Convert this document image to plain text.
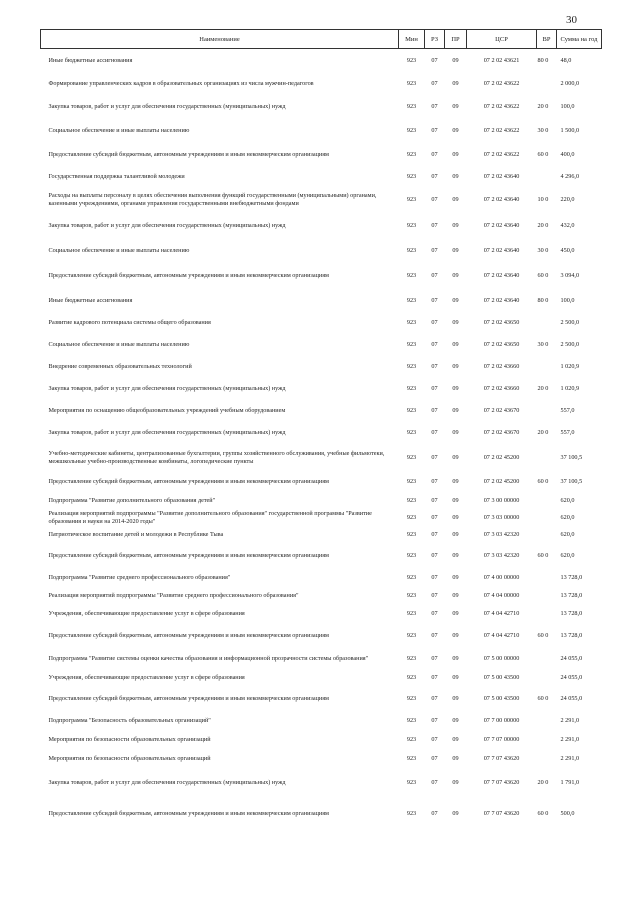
30
Наименование	Мин	РЗ	ПР	ЦСР	ВР	Сумма на год
Иные бюджетные ассигнования	923	07	09	07 2 02 43621	80 0	48,0
Формирование управленческих кадров в образовательных организациях из числа мужчин-педагогов	923	07	09	07 2 02 43622		2 000,0
Закупка товаров, работ и услуг для обеспечения государственных (муниципальных) нужд	923	07	09	07 2 02 43622	20 0	100,0
Социальное обеспечение и иные выплаты населению	923	07	09	07 2 02 43622	30 0	1 500,0
Предоставление субсидий бюджетным, автономным учреждениям и иным некоммерческим организациям	923	07	09	07 2 02 43622	60 0	400,0
Государственная поддержка талантливой молодежи	923	07	09	07 2 02 43640		4 296,0
Расходы на выплаты персоналу в целях обеспечения выполнения функций государственными (муниципальными) органами, казенными учреждениями, органами управления государственными внебюджетными фондами	923	07	09	07 2 02 43640	10 0	220,0
Закупка товаров, работ и услуг для обеспечения государственных (муниципальных) нужд	923	07	09	07 2 02 43640	20 0	432,0
Социальное обеспечение и иные выплаты населению	923	07	09	07 2 02 43640	30 0	450,0
Предоставление субсидий бюджетным, автономным учреждениям и иным некоммерческим организациям	923	07	09	07 2 02 43640	60 0	3 094,0
Иные бюджетные ассигнования	923	07	09	07 2 02 43640	80 0	100,0
Развитие кадрового потенциала системы общего образования	923	07	09	07 2 02 43650		2 500,0
Социальное обеспечение и иные выплаты населению	923	07	09	07 2 02 43650	30 0	2 500,0
Внедрение современных образовательных технологий	923	07	09	07 2 02 43660		1 020,9
Закупка товаров, работ и услуг для обеспечения государственных (муниципальных) нужд	923	07	09	07 2 02 43660	20 0	1 020,9
Мероприятия по оснащению общеобразовательных учреждений учебным оборудованием	923	07	09	07 2 02 43670		557,0
Закупка товаров, работ и услуг для обеспечения государственных (муниципальных) нужд	923	07	09	07 2 02 43670	20 0	557,0
Учебно-методические кабинеты, централизованные бухгалтерии, группы хозяйственного обслуживания, учебные фильмотеки, межшкольные учебно-производственные комбинаты, логопедические пункты	923	07	09	07 2 02 45200		37 100,5
Предоставление субсидий бюджетным, автономным учреждениям и иным некоммерческим организациям	923	07	09	07 2 02 45200	60 0	37 100,5
Подпрограмма "Развитие дополнительного образования детей"	923	07	09	07 3 00 00000		620,0
Реализация мероприятий подпрограммы "Развитие дополнительного образования" государственной программы "Развитие образования и науки на 2014-2020 годы"	923	07	09	07 3 03 00000		620,0
Патриотическое воспитание детей и молодежи в Республике Тыва	923	07	09	07 3 03 42320		620,0
Предоставление субсидий бюджетным, автономным учреждениям и иным некоммерческим организациям	923	07	09	07 3 03 42320	60 0	620,0
Подпрограмма "Развитие среднего профессионального образования"	923	07	09	07 4 00 00000		13 728,0
Реализация мероприятий подпрограммы "Развитие среднего профессионального образования"	923	07	09	07 4 04 00000		13 728,0
Учреждения, обеспечивающие предоставление услуг в сфере образования	923	07	09	07 4 04 42710		13 728,0
Предоставление субсидий бюджетным, автономным учреждениям и иным некоммерческим организациям	923	07	09	07 4 04 42710	60 0	13 728,0
Подпрограмма "Развитие системы оценки качества образования и информационной прозрачности системы образования"	923	07	09	07 5 00 00000		24 055,0
Учреждения, обеспечивающие предоставление услуг в сфере образования	923	07	09	07 5 00 43500		24 055,0
Предоставление субсидий бюджетным, автономным учреждениям и иным некоммерческим организациям	923	07	09	07 5 00 43500	60 0	24 055,0
Подпрограмма "Безопасность образовательных организаций"	923	07	09	07 7 00 00000		2 291,0
Мероприятия по безопасности образовательных организаций	923	07	09	07 7 07 00000		2 291,0
Мероприятия по безопасности образовательных организаций	923	07	09	07 7 07 43620		2 291,0
Закупка товаров, работ и услуг для обеспечения государственных (муниципальных) нужд	923	07	09	07 7 07 43620	20 0	1 791,0
Предоставление субсидий бюджетным, автономным учреждениям и иным некоммерческим организациям	923	07	09	07 7 07 43620	60 0	500,0
